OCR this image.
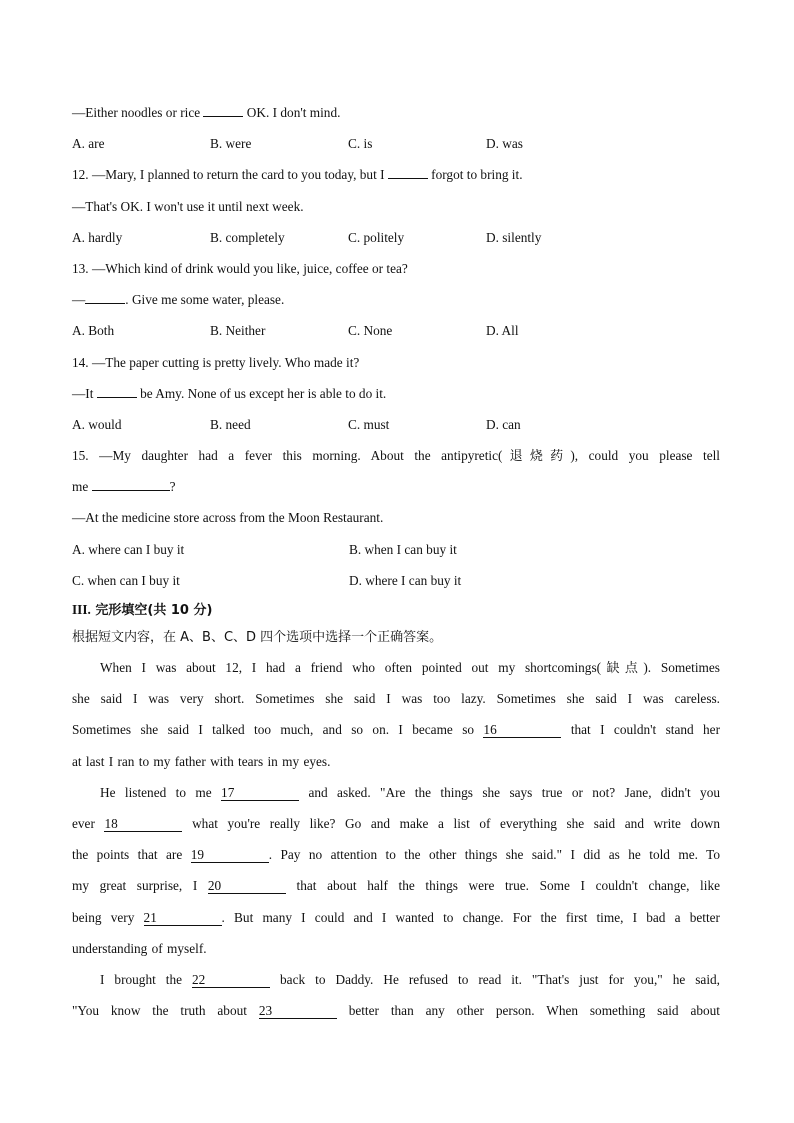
—Either noodles or rice	OK. I don't mind.
A. are	B. were	C. is	D. was
12. —Mary, I planned to return the card to you today, but I	forgot to bring it.
—That's OK. I won't use it until next week.
A. hardly	B. completely	C. politely	D. silently
13. —Which kind of drink would you like, juice, coffee or tea?
—	. Give me some water, please.
A. Both	B. Neither	C. None	D. All
14. —The paper cutting is pretty lively. Who made it?
—It	be Amy. None of us except her is able to do it.
A. would	B. need	C. must	D. can
15. —My daughter had a fever this morning. About the antipyretic(退烧药), could you please tell
me	?
—At the medicine store across from the Moon Restaurant.
A. where can I buy it	B. when I can buy it
C. when can I buy it	D. where I can buy it
III. 完形填空(共 10 分)
根据短文内容，在 A、B、C、D 四个选项中选择一个正确答案。
When I was about 12, I had a friend who often pointed out my shortcomings(缺点). Sometimes
she said I was very short. Sometimes she said I was too lazy. Sometimes she said I was careless.
Sometimes she said I talked too much, and so on. I became so 16	that I couldn't stand her
at last I ran to my father with tears in my eyes.
He listened to me 17	and asked. "Are the things she says true or not? Jane, didn't you
ever 18	what you're really like? Go and make a list of everything she said and write down
the points that are 19	. Pay no attention to the other things she said." I did as he told me. To
my great surprise, I 20	that about half the things were true. Some I couldn't change, like
being very 21	. But many I could and I wanted to change. For the first time, I bad a better
understanding of myself.
I brought the 22	back to Daddy. He refused to read it. "That's just for you," he said,
"You know the truth about 23	better than any other person. When something said about
